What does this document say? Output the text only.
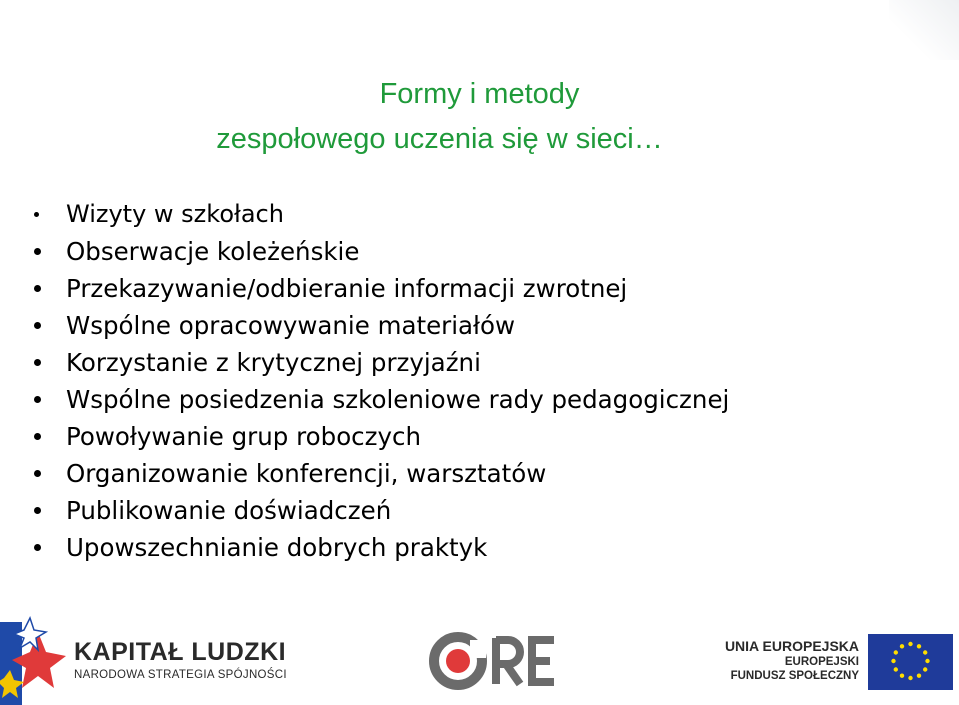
Formy i metody
zespołowego uczenia się w sieci…
Wizyty w szkołach
Obserwacje koleżeńskie
Przekazywanie/odbieranie informacji zwrotnej
Wspólne opracowywanie materiałów
Korzystanie z krytycznej przyjaźni
Wspólne posiedzenia szkoleniowe rady pedagogicznej
Powoływanie grup roboczych
Organizowanie konferencji, warsztatów
Publikowanie doświadczeń
Upowszechnianie dobrych praktyk
KAPITAŁ LUDZKI
NARODOWA STRATEGIA SPÓJNOŚCI
UNIA EUROPEJSKA
EUROPEJSKI
FUNDUSZ SPOŁECZNY
